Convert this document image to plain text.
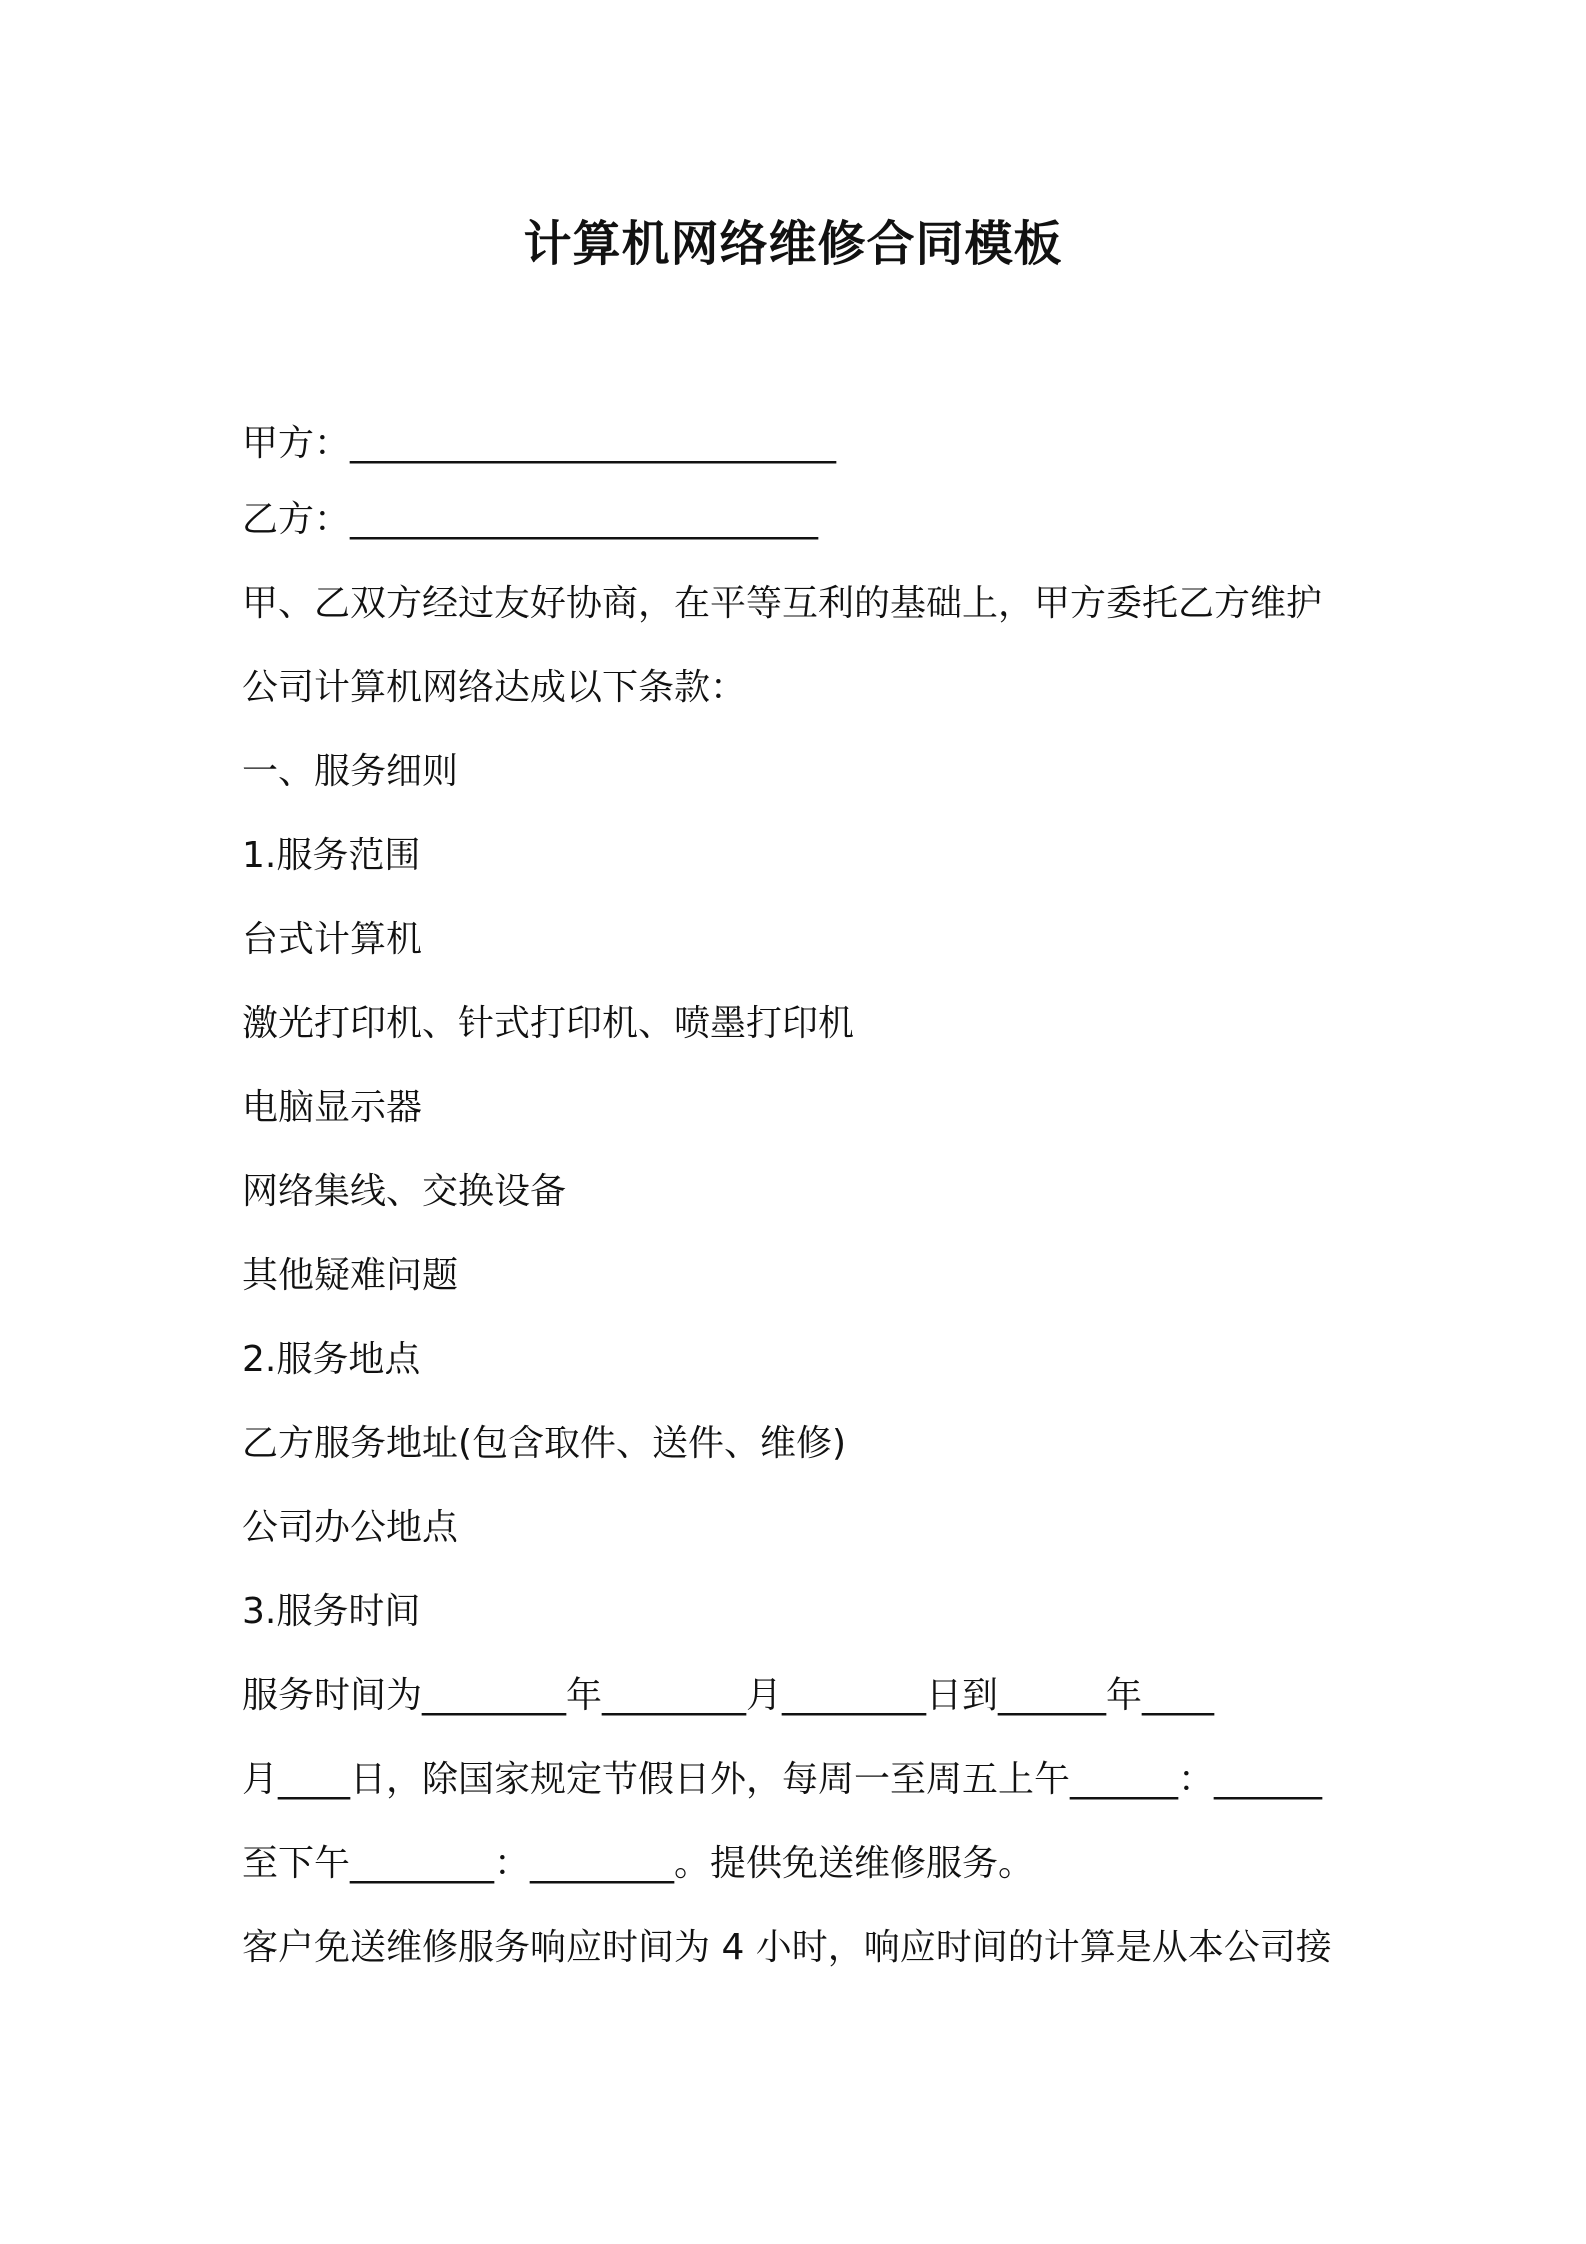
计算机网络维修合同模板
甲方：___________________________
乙方：__________________________
甲、乙双方经过友好协商，在平等互利的基础上，甲方委托乙方维护
公司计算机网络达成以下条款：
一、服务细则
1.服务范围
台式计算机
激光打印机、针式打印机、喷墨打印机
电脑显示器
网络集线、交换设备
其他疑难问题
2.服务地点
乙方服务地址(包含取件、送件、维修)
公司办公地点
3.服务时间
服务时间为________年________月________日到______年____
月____日，除国家规定节假日外，每周一至周五上午______：______
至下午________：________。提供免送维修服务。
客户免送维修服务响应时间为 4 小时，响应时间的计算是从本公司接
